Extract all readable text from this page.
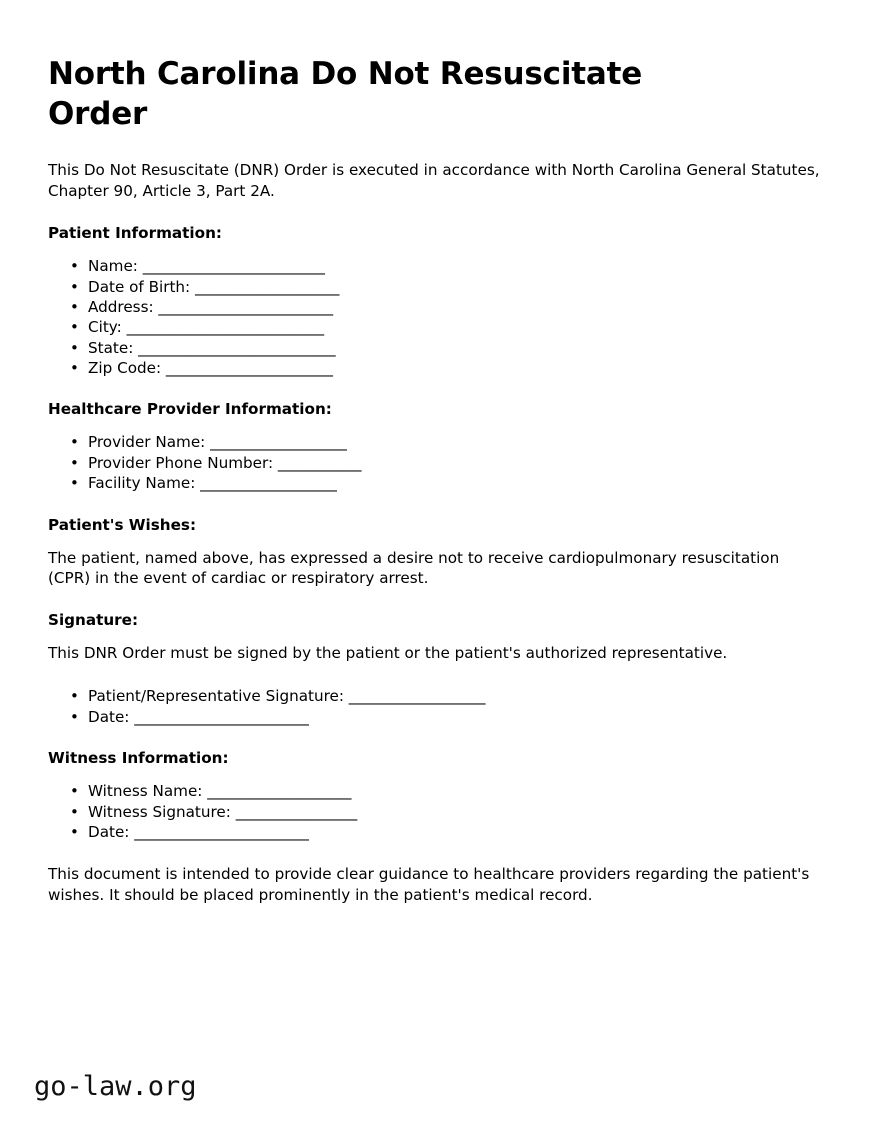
North Carolina Do Not Resuscitate Order

This Do Not Resuscitate (DNR) Order is executed in accordance with North Carolina General Statutes, Chapter 90, Article 3, Part 2A.

Patient Information:
• Name: ________________________
• Date of Birth: ___________________
• Address: _______________________
• City: __________________________
• State: __________________________
• Zip Code: ______________________
Healthcare Provider Information:
• Provider Name: __________________
• Provider Phone Number: ___________
• Facility Name: __________________
Patient's Wishes:

The patient, named above, has expressed a desire not to receive cardiopulmonary resuscitation (CPR) in the event of cardiac or respiratory arrest.

Signature:

This DNR Order must be signed by the patient or the patient's authorized representative.

• Patient/Representative Signature: __________________
• Date: _______________________
Witness Information:
• Witness Name: ___________________
• Witness Signature: ________________
• Date: _______________________

This document is intended to provide clear guidance to healthcare providers regarding the patient's wishes. It should be placed prominently in the patient's medical record.

go-law.org
